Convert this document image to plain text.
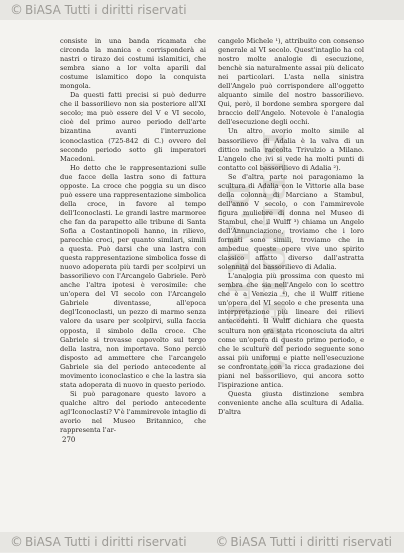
© BiASA Tutti i diritti riservati
BIBLIOTECA D'ARTE

consiste in una banda ricamata che circonda la manica e corrisponderà ai nastri o tirazo dei costumi islamitici, che sembra siano a lor volta aparili dal costume islamitico dopo la conquista mongola.

Da questi fatti precisi si può dedurre che il bassorilievo non sia posteriore all'XI secolo; ma può essere del V e VI secolo, cioè del primo aureo periodo dell'arte bizantina avanti l'interruzione iconoclastica (725-842 di C.) ovvero del secondo periodo sotto gli imperatori Macedoni.

Ho detto che le rappresentazioni sulle due facce della lastra sono di fattura opposte. La croce che poggia su un disco può essere una rappresentazione simbolica della croce, in favore al tempo dell'Iconoclasti. Le grandi lastre marmoree che fan da parapetto alle tribune di Santa Sofia a Costantinopoli hanno, in rilievo, parecchie croci, per quanto similari, simili a questa. Può darsi che una lastra con questa rappresentazione simbolica fosse di nuovo adoperata più tardi per scolpirvi un bassorilievo con l'Arcangelo Gabriele. Però anche l'altra ipotesi è verosimile: che un'opera del VI secolo con l'Arcangelo Gabriele diventasse, all'epoca degl'Iconoclasti, un pezzo di marmo senza valore da usare per scolpirvi, sulla faccia opposta, il simbolo della croce. Che Gabriele si trovasse capovolto sul tergo della lastra, non importava. Sono perciò disposto ad ammettere che l'arcangelo Gabriele sia del periodo antecedente al movimento iconoclastico e che la lastra sia stata adoperata di nuovo in questo periodo.

Si può paragonare questo lavoro a qualche altro del periodo antecedente agl'Iconoclasti? V'è l'ammirevole intaglio di avorio nel Museo Britannico, che rappresenta l'ar-

cangelo Michele ¹), attribuito con consenso generale al VI secolo. Quest'intaglio ha col nostro molte analogie di esecuzione, benchè sia naturalmente assai più delicato nei particolari. L'asta nella sinistra dell'Angelo può corrispondere all'oggetto alquanto simile del nostro bassorilievo. Qui, però, il bordone sembra sporgere dal braccio dell'Angelo. Notevole è l'analogia dell'esecuzione degli occhi.

Un altro avorio molto simile al bassorilievo di Adalia è la valva di un dittico nella raccolta Trivulzio a Milano. L'angelo che ivi si vede ha molti punti di contatto col bassorilievo di Adalia ²).

Se d'altra parte noi paragoniamo la scultura di Adalia con le Vittorie alla base della colonna di Marciano a Stambul, dell'anno V secolo, o con l'ammirevole figura muliebre di donna nel Museo di Stambul, che il Wulff ³) chiama un Angelo dell'Annunciazione, troviamo che i loro formati sono simili, troviamo che in ambedue queste opere vive uno spirito classico affatto diverso dall'astratta solennità del bassorilievo di Adalia.

L'analogia più prossima con questo mi sembra che sia nell'Angelo con lo scettro che è a Venezia ⁴), che il Wulff ritiene un'opera del VI secolo e che presenta una interpretazione più lineare dei rilievi antecedenti. Il Wulff dichiara che questa scultura non era stata riconosciuta da altri come un'opera di questo primo periodo, e che le sculture del periodo seguente sono assai più uniformi e piatte nell'esecuzione se confrontate con la ricca gradazione dei piani nel bassorilievo, qui ancora sotto l'ispirazione antica.

Questa giusta distinzione sembra conveniente anche alla scultura di Adalia. D'altra

270
© BiASA Tutti i diritti riservati © BiASA Tutti i diritti riservati
